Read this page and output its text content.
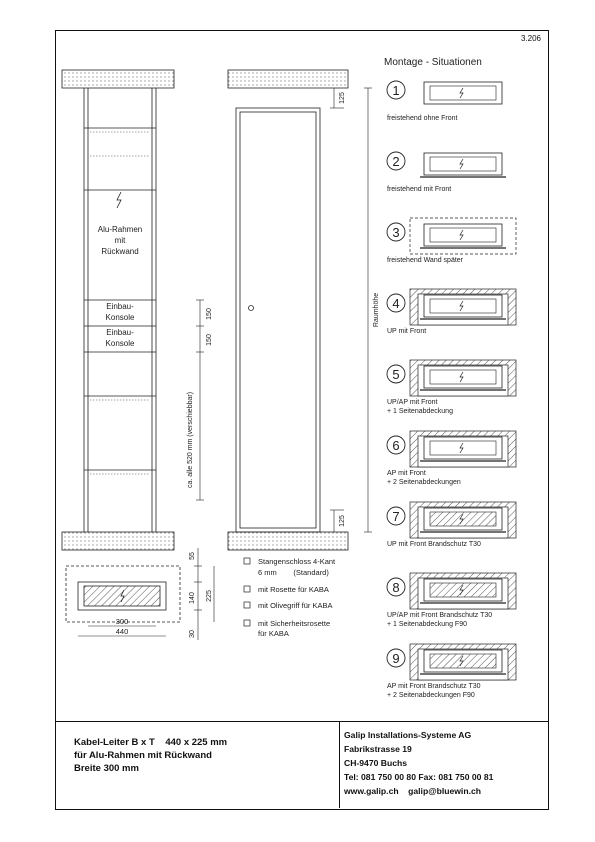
3.206
Alu-Rahmen
mit
Rückwand
Einbau-
Konsole
Einbau-
Konsole
150
150
ca. alle 520 mm (verschiebbar)
125
125
Raumhöhe
300
440
55
140 225
30
Stangenschloss 4-Kant
6 mm        (Standard)
mit Rosette für KABA
mit Olivegriff für KABA
mit Sicherheitsrosette
für KABA
Montage - Situationen
1
freistehend ohne Front
2
freistehend mit Front
3
freistehend Wand später
4
UP mit Front
5
UP/AP mit Front
+ 1 Seitenabdeckung
6
AP mit Front
+ 2 Seitenabdeckungen
7
UP mit Front Brandschutz T30
8
UP/AP mit Front Brandschutz T30
+ 1 Seitenabdeckung F90
9
AP mit Front Brandschutz T30
+ 2 Seitenabdeckungen F90
Kabel-Leiter B x T    440 x 225 mm
für Alu-Rahmen mit Rückwand
Breite 300 mm
Galip Installations-Systeme AG
Fabrikstrasse 19
CH-9470 Buchs
Tel: 081 750 00 80 Fax: 081 750 00 81
www.galip.ch    galip@bluewin.ch
